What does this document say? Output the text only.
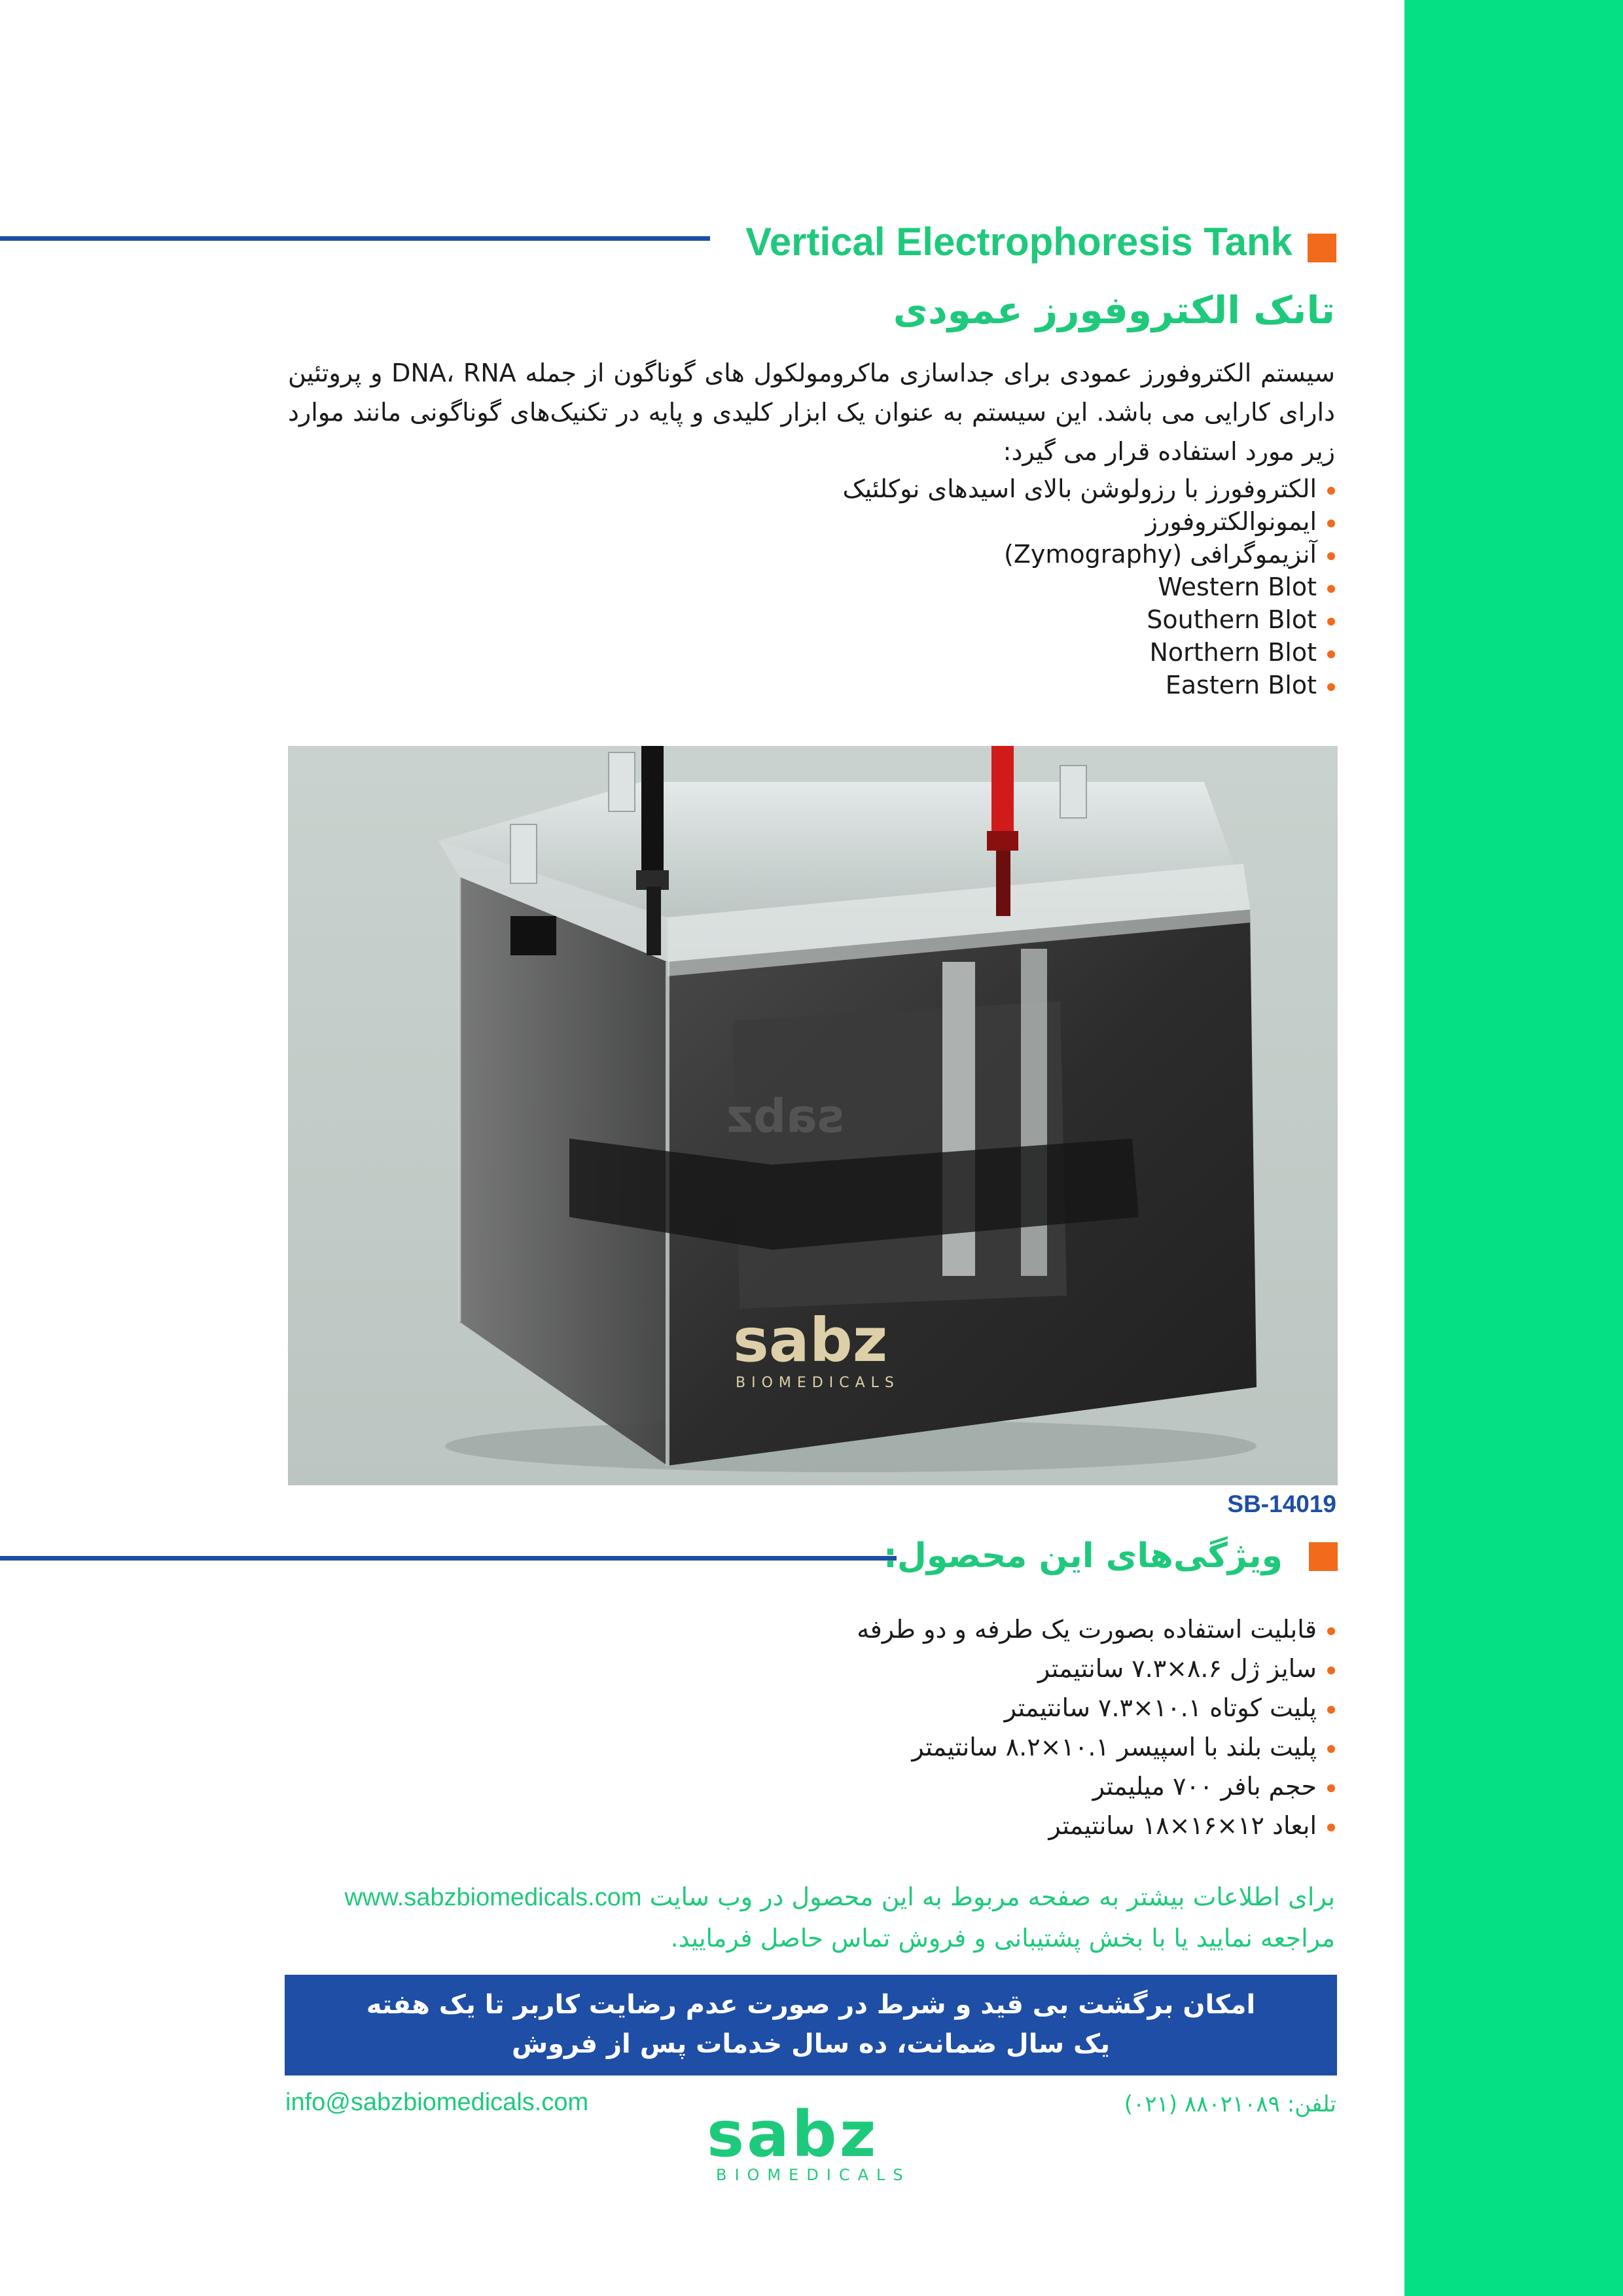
Vertical Electrophoresis Tank
تانک الکتروفورز عمودی

سیستم الکتروفورز عمودی برای جداسازی ماکرومولکول های گوناگون از جمله DNA، RNA و پروتئین دارای کارایی می باشد. این سیستم به عنوان یک ابزار کلیدی و پایه در تکنیک‌های گوناگونی مانند موارد زیر مورد استفاده قرار می گیرد:

الکتروفورز با رزولوشن بالای اسیدهای نوکلئیک
ایمونوالکتروفورز
آنزیموگرافی (Zymography)
Western Blot
Southern Blot
Northern Blot
Eastern Blot
sabz
sabz
BIOMEDICALS

SB-14019

ویژگی‌های این محصول:
قابلیت استفاده بصورت یک طرفه و دو طرفه
سایز ژل ۸.۶×۷.۳ سانتیمتر
پلیت کوتاه ۱۰.۱×۷.۳ سانتیمتر
پلیت بلند با اسپیسر ۱۰.۱×۸.۲ سانتیمتر
حجم بافر ۷۰۰ میلیمتر
ابعاد ۱۲×۱۶×۱۸ سانتیمتر
برای اطلاعات بیشتر به صفحه مربوط به این محصول در وب سایت www.sabzbiomedicals.com
مراجعه نمایید یا با بخش پشتیبانی و فروش تماس حاصل فرمایید.
امکان برگشت بی قید و شرط در صورت عدم رضایت کاربر تا یک هفته
یک سال ضمانت، ده سال خدمات پس از فروش

info@sabzbiomedicals.com	تلفن: ۸۸۰۲۱۰۸۹ (۰۲۱)

sabz

BIOMEDICALS
